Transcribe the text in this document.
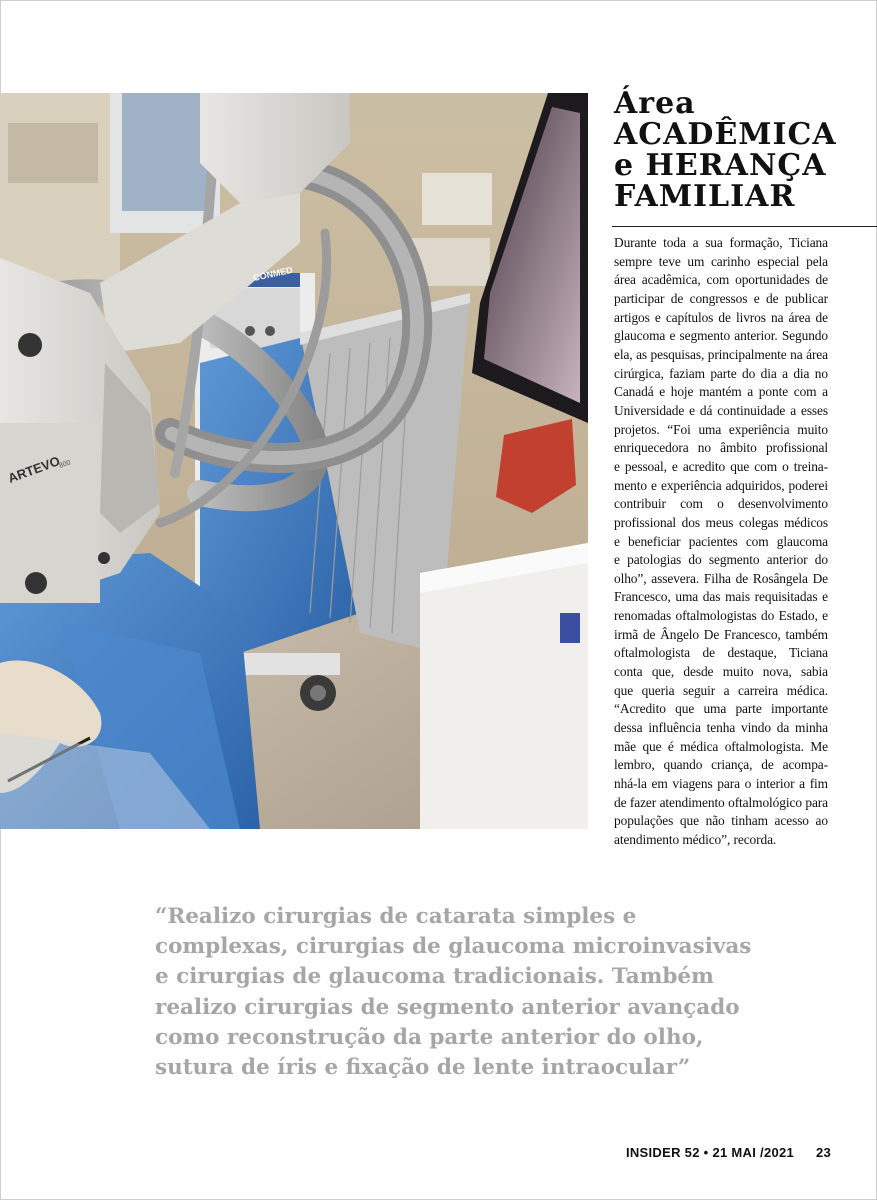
ARTEVO
800
CONMED
Área
ACADÊMICA
e HERANÇA
FAMILIAR
Durante toda a sua formação, Ticiana
sempre teve um carinho especial pela
área acadêmica, com oportunidades de
participar de congressos e de publicar
artigos e capítulos de livros na área de
glaucoma e segmento anterior. Segundo
ela, as pesquisas, principalmente na área
cirúrgica, faziam parte do dia a dia no
Canadá e hoje mantém a ponte com a
Universidade e dá continuidade a esses
projetos. “Foi uma experiência muito
enriquecedora no âmbito profissional
e pessoal, e acredito que com o treina-
mento e experiência adquiridos, poderei
contribuir com o desenvolvimento
profissional dos meus colegas médicos
e beneficiar pacientes com glaucoma
e patologias do segmento anterior do
olho”, assevera. Filha de Rosângela De
Francesco, uma das mais requisitadas e
renomadas oftalmologistas do Estado, e
irmã de Ângelo De Francesco, também
oftalmologista de destaque, Ticiana
conta que, desde muito nova, sabia
que queria seguir a carreira médica.
“Acredito que uma parte importante
dessa influência tenha vindo da minha
mãe que é médica oftalmologista. Me
lembro, quando criança, de acompa-
nhá-la em viagens para o interior a fim
de fazer atendimento oftalmológico para
populações que não tinham acesso ao
atendimento médico”, recorda.
“Realizo cirurgias de catarata simples e
complexas, cirurgias de glaucoma microinvasivas
e cirurgias de glaucoma tradicionais. Também
realizo cirurgias de segmento anterior avançado
como reconstrução da parte anterior do olho,
sutura de íris e fixação de lente intraocular”
INSIDER 52 • 21 MAI /2021 23
